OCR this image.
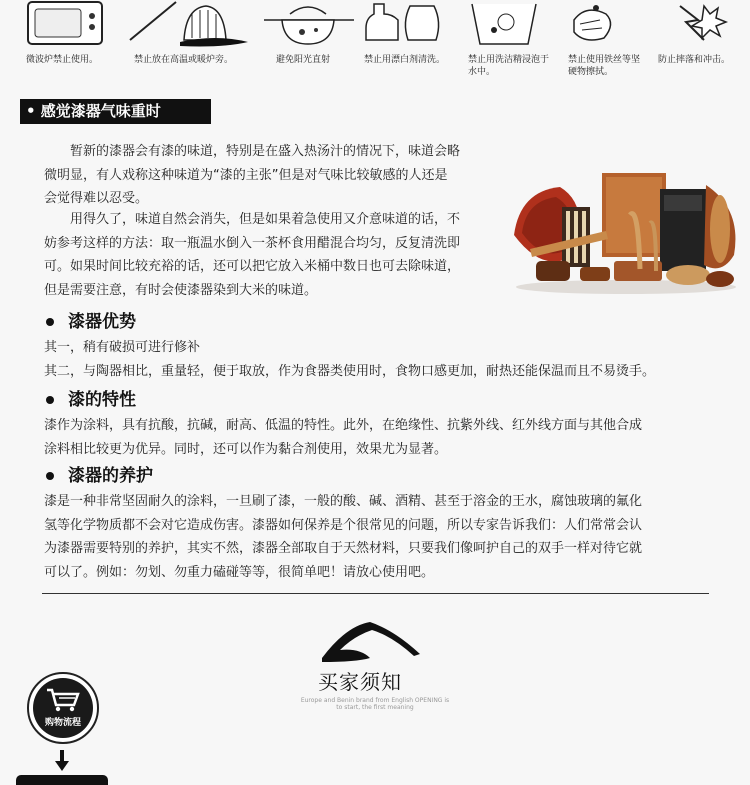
微波炉禁止使用。	禁止放在高温或暖炉旁。	避免阳光直射	禁止用漂白剂清洗。	禁止用洗洁精浸泡于
水中。
禁止使用铁丝等坚
硬物擦拭。
防止摔落和冲击。
• 感觉漆器气味重时
　　暂新的漆器会有漆的味道，特别是在盛入热汤汁的情况下，味道会略
微明显，有人戏称这种味道为“漆的主张”但是对气味比较敏感的人还是
会觉得难以忍受。
　　用得久了，味道自然会消失，但是如果着急使用又介意味道的话，不
妨参考这样的方法：取一瓶温水倒入一茶杯食用醋混合均匀，反复清洗即
可。如果时间比较充裕的话，还可以把它放入米桶中数日也可去除味道，
但是需要注意，有时会使漆器染到大米的味道。
漆器优势
其一，稍有破损可进行修补
其二，与陶器相比，重量轻，便于取放，作为食器类使用时，食物口感更加，耐热还能保温而且不易烫手。
漆的特性
漆作为涂料，具有抗酸，抗碱，耐高、低温的特性。此外，在绝缘性、抗紫外线、红外线方面与其他合成
涂料相比较更为优异。同时，还可以作为黏合剂使用，效果尤为显著。
漆器的养护
漆是一种非常坚固耐久的涂料，一旦刷了漆，一般的酸、碱、酒精、甚至于溶金的王水，腐蚀玻璃的氟化
氢等化学物质都不会对它造成伤害。漆器如何保养是个很常见的问题，所以专家告诉我们：人们常常会认
为漆器需要特别的养护，其实不然，漆器全部取自于天然材料，只要我们像呵护自己的双手一样对待它就
可以了。例如：勿划、勿重力磕碰等等，很简单吧！请放心使用吧。
买家须知
Europe and Benin brand from English OPENING is
to start, the first meaning
购物流程
